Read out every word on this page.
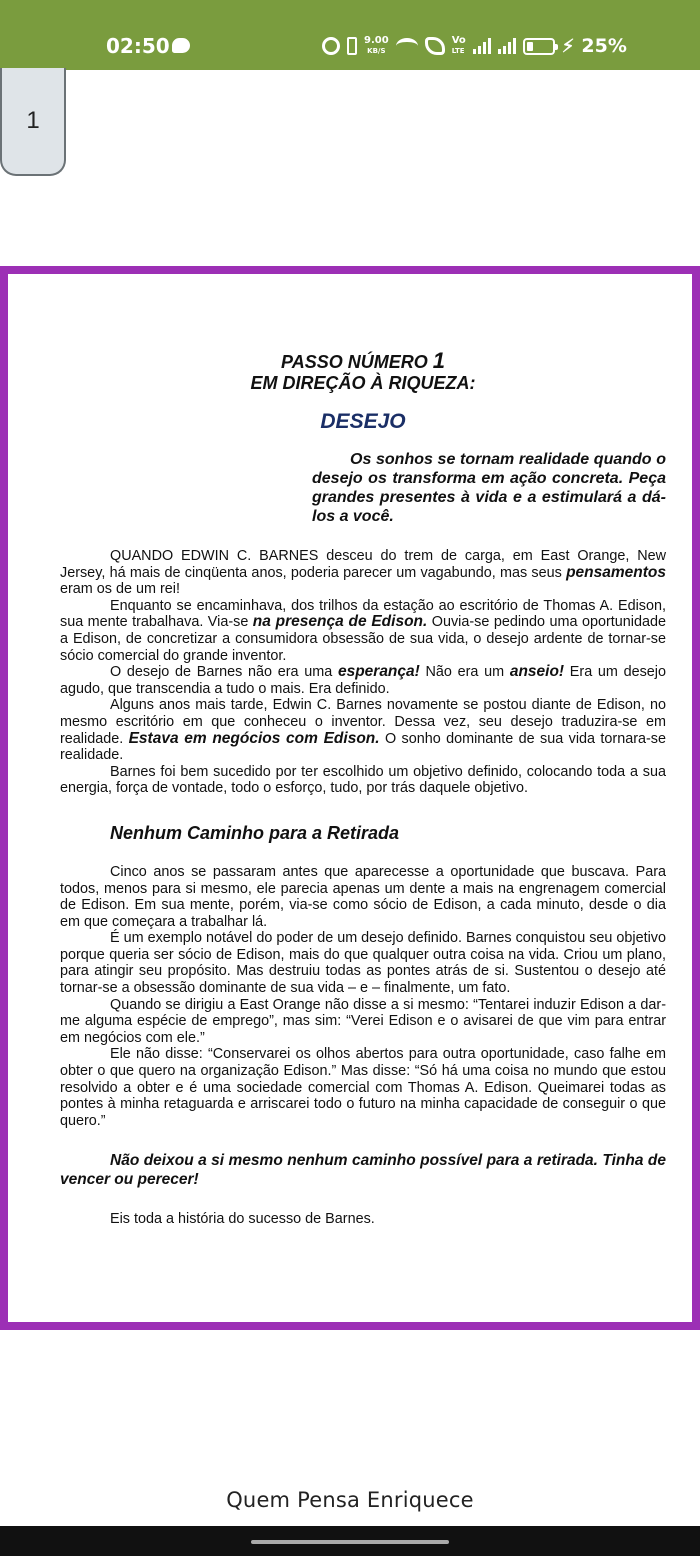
02:50	9.00
KB/S
Vo
LTE	⚡︎ 25%
1
PASSO NÚMERO 1
EM DIREÇÃO À RIQUEZA:
DESEJO
Os sonhos se tornam realidade quando o desejo os transforma em ação concreta. Peça grandes presentes à vida e a estimulará a dá-los a você.

QUANDO EDWIN C. BARNES desceu do trem de carga, em East Orange, New Jersey, há mais de cinqüenta anos, poderia parecer um vagabundo, mas seus pensamentos eram os de um rei!

Enquanto se encaminhava, dos trilhos da estação ao escritório de Thomas A. Edison, sua mente trabalhava. Via-se na presença de Edison. Ouvia-se pedindo uma oportunidade a Edison, de concretizar a consumidora obsessão de sua vida, o desejo ardente de tornar-se sócio comercial do grande inventor.

O desejo de Barnes não era uma esperança! Não era um anseio! Era um desejo agudo, que transcendia a tudo o mais. Era definido.

Alguns anos mais tarde, Edwin C. Barnes novamente se postou diante de Edison, no mesmo escritório em que conheceu o inventor. Dessa vez, seu desejo traduzira-se em realidade. Estava em negócios com Edison. O sonho dominante de sua vida tornara-se realidade.

Barnes foi bem sucedido por ter escolhido um objetivo definido, colocando toda a sua energia, força de vontade, todo o esforço, tudo, por trás daquele objetivo.

Nenhum Caminho para a Retirada

Cinco anos se passaram antes que aparecesse a oportunidade que buscava. Para todos, menos para si mesmo, ele parecia apenas um dente a mais na engrenagem comercial de Edison. Em sua mente, porém, via-se como sócio de Edison, a cada minuto, desde o dia em que começara a trabalhar lá.

É um exemplo notável do poder de um desejo definido. Barnes conquistou seu objetivo porque queria ser sócio de Edison, mais do que qualquer outra coisa na vida. Criou um plano, para atingir seu propósito. Mas destruiu todas as pontes atrás de si. Sustentou o desejo até tornar-se a obsessão dominante de sua vida – e – finalmente, um fato.

Quando se dirigiu a East Orange não disse a si mesmo: “Tentarei induzir Edison a dar-me alguma espécie de emprego”, mas sim: “Verei Edison e o avisarei de que vim para entrar em negócios com ele.”

Ele não disse: “Conservarei os olhos abertos para outra oportunidade, caso falhe em obter o que quero na organização Edison.” Mas disse: “Só há uma coisa no mundo que estou resolvido a obter e é uma sociedade comercial com Thomas A. Edison. Queimarei todas as pontes à minha retaguarda e arriscarei todo o futuro na minha capacidade de conseguir o que quero.”

Não deixou a si mesmo nenhum caminho possível para a retirada. Tinha de vencer ou perecer!

Eis toda a história do sucesso de Barnes.

Quem Pensa Enriquece
